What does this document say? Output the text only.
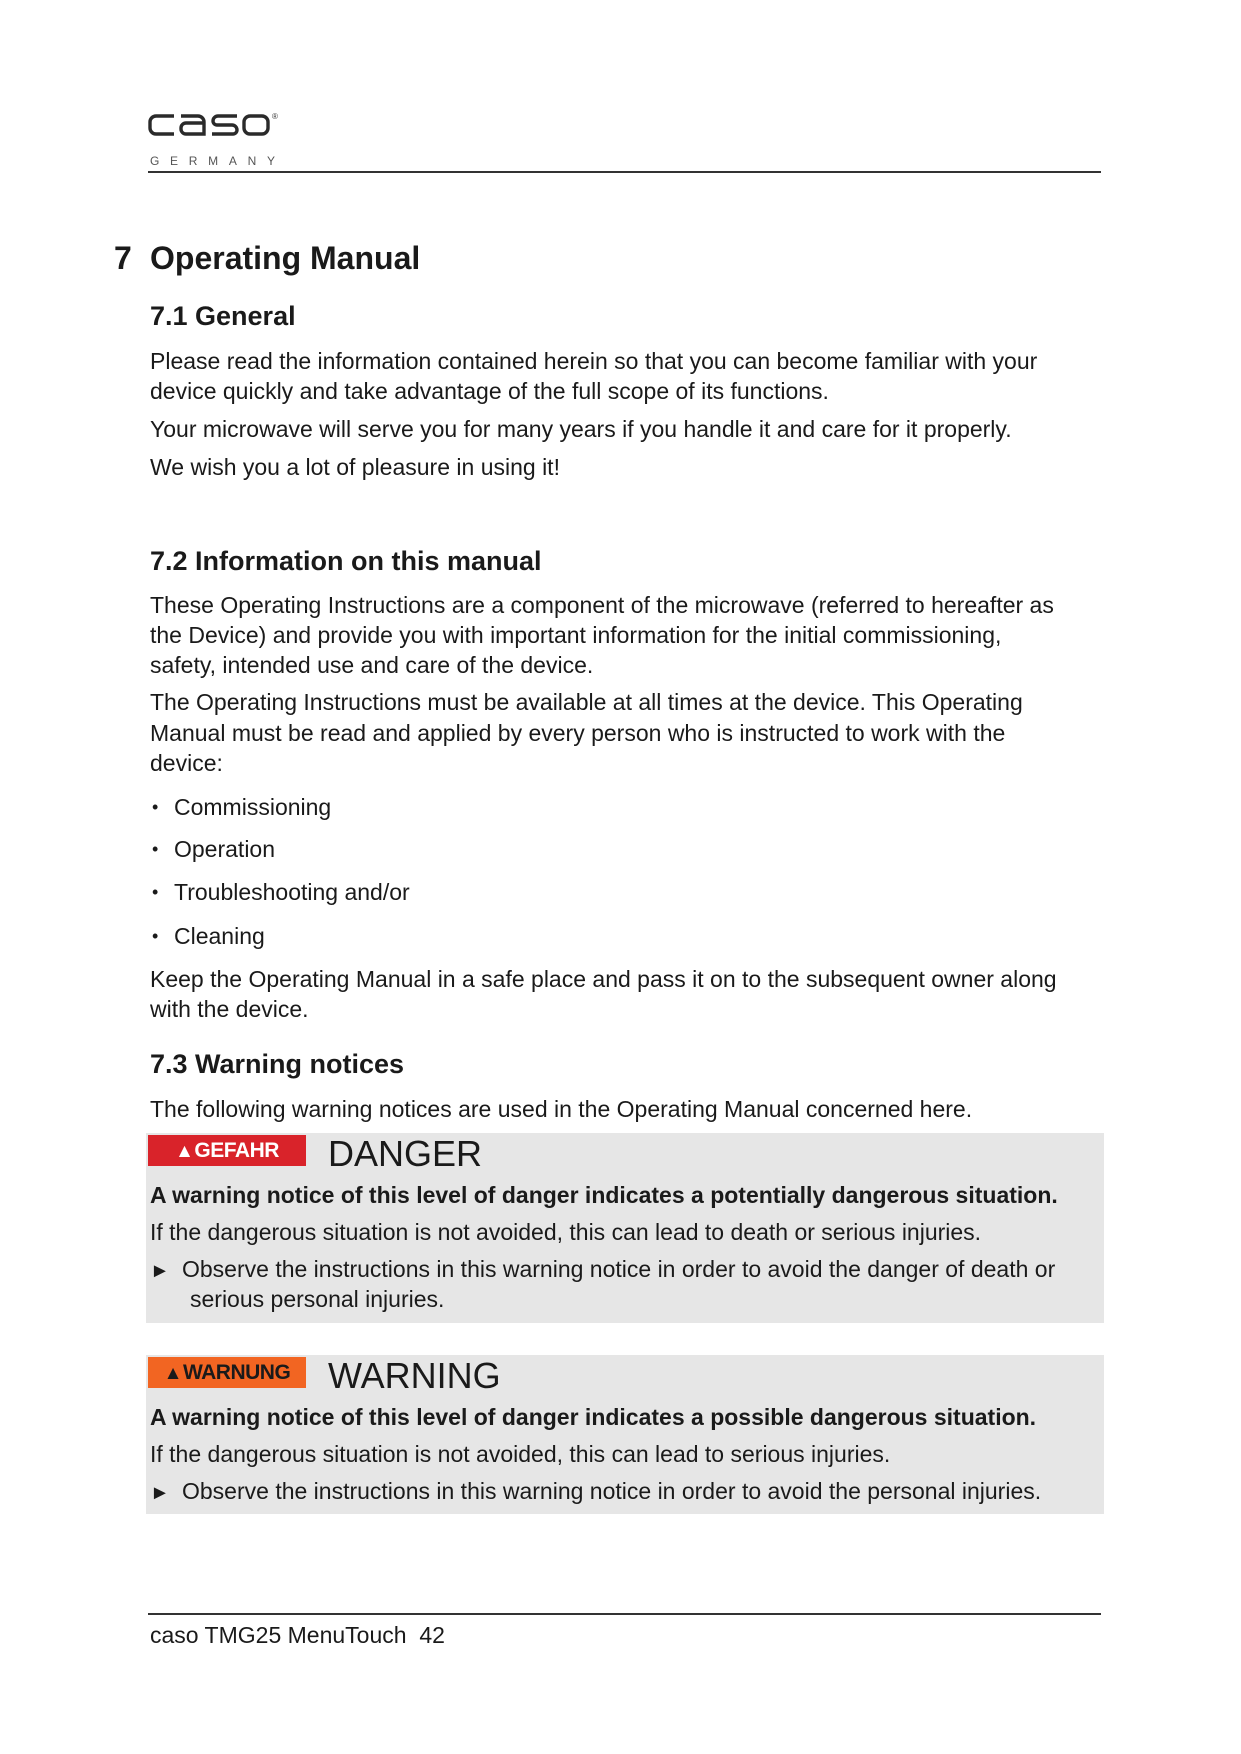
®
G E R M A N Y
7 Operating Manual
7.1 General

Please read the information contained herein so that you can become familiar with your

device quickly and take advantage of the full scope of its functions.

Your microwave will serve you for many years if you handle it and care for it properly.

We wish you a lot of pleasure in using it!

7.2 Information on this manual

These Operating Instructions are a component of the microwave (referred to hereafter as

the Device) and provide you with important information for the initial commissioning,

safety, intended use and care of the device.

The Operating Instructions must be available at all times at the device. This Operating

Manual must be read and applied by every person who is instructed to work with the

device:

• Commissioning
• Operation
• Troubleshooting and/or
• Cleaning

Keep the Operating Manual in a safe place and pass it on to the subsequent owner along

with the device.

7.3 Warning notices

The following warning notices are used in the Operating Manual concerned here.

▲GEFAHR	DANGER
A warning notice of this level of danger indicates a potentially dangerous situation.
If the dangerous situation is not avoided, this can lead to death or serious injuries.
► Observe the instructions in this warning notice in order to avoid the danger of death or
serious personal injuries.
▲WARNUNG	WARNING
A warning notice of this level of danger indicates a possible dangerous situation.
If the dangerous situation is not avoided, this can lead to serious injuries.
► Observe the instructions in this warning notice in order to avoid the personal injuries.
caso TMG25 MenuTouch 42
